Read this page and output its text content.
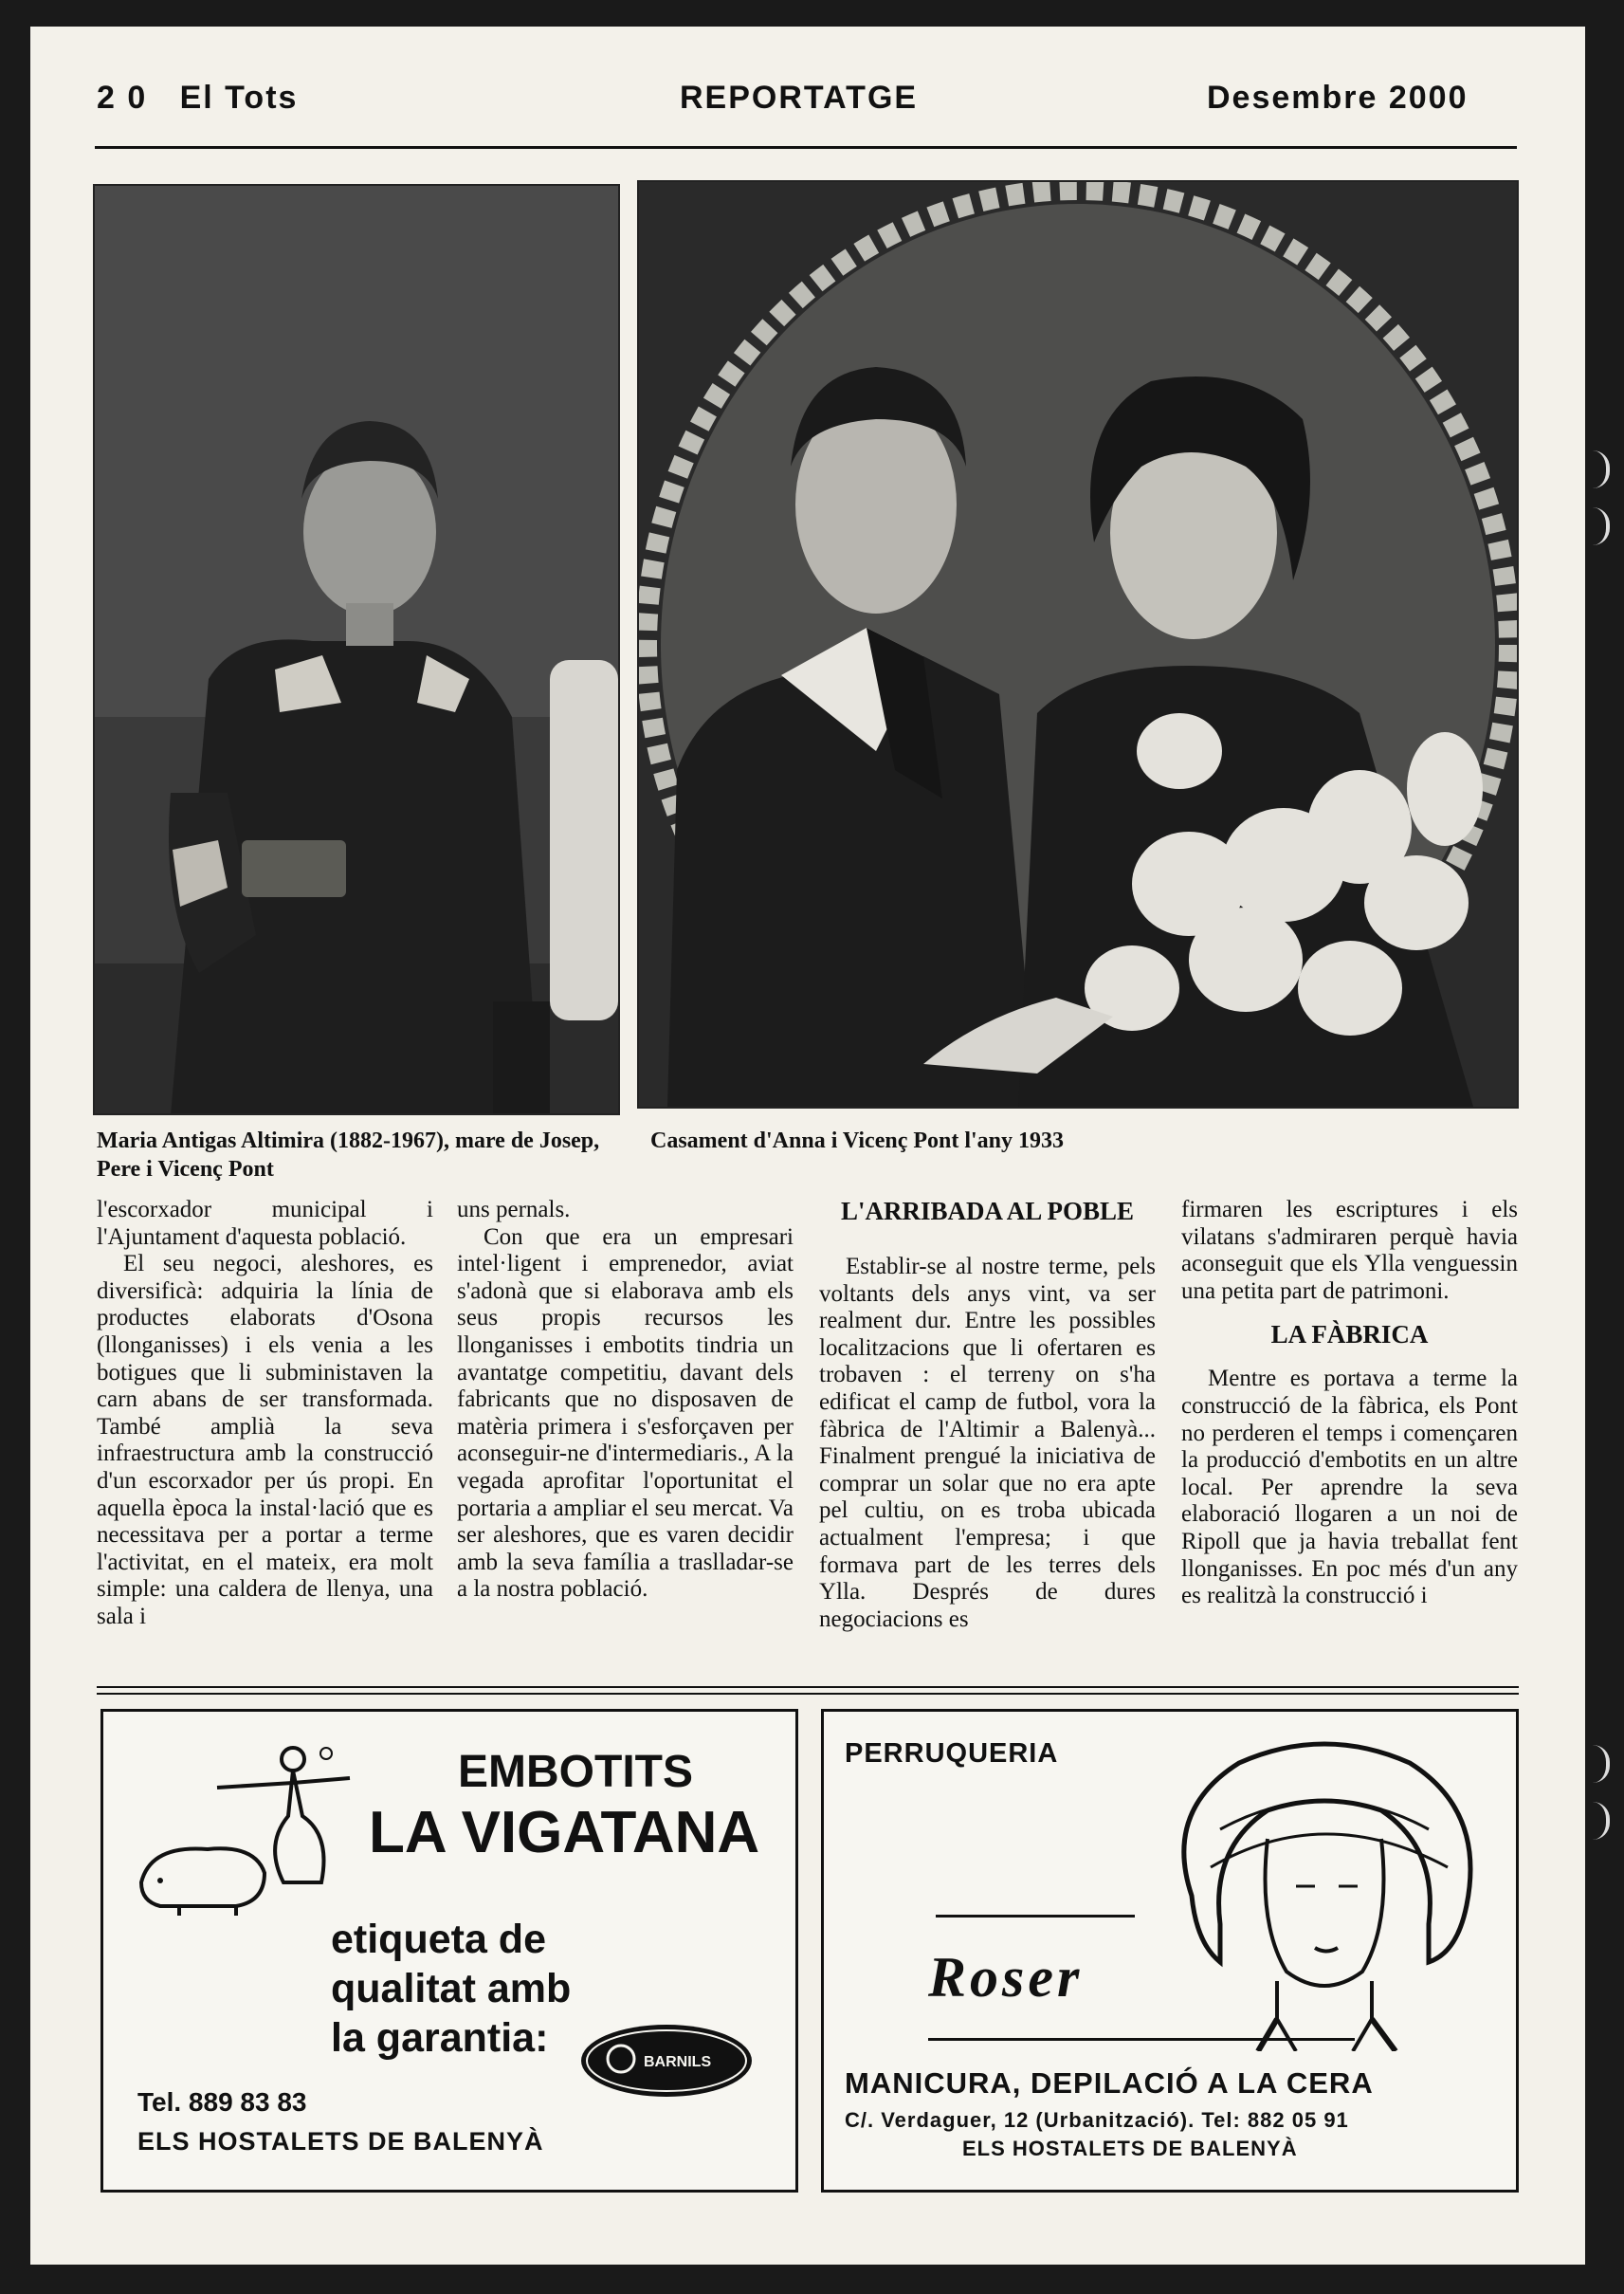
2 0 El Tots	REPORTATGE	Desembre 2000
Maria Antigas Altimira (1882-1967), mare de Josep, Pere i Vicenç Pont
Casament d'Anna i Vicenç Pont l'any 1933

l'escorxador municipal i l'Ajuntament d'aquesta població.

El seu negoci, aleshores, es diversificà: adquiria la línia de productes elaborats d'Osona (llonganisses) i els venia a les botigues que li subministaven la carn abans de ser transformada. També amplià la seva infraestructura amb la construcció d'un escorxador per ús propi. En aquella època la instal·lació que es necessitava per a portar a terme l'activitat, en el mateix, era molt simple: una caldera de llenya, una sala i

uns pernals.

Con que era un empresari intel·ligent i emprenedor, aviat s'adonà que si elaborava amb els seus propis recursos les llonganisses i embotits tindria un avantatge competitiu, davant dels fabricants que no disposaven de matèria primera i s'esforçaven per aconseguir-ne d'intermediaris., A la vegada aprofitar l'oportunitat el portaria a ampliar el seu mercat. Va ser aleshores, que es varen decidir amb la seva família a traslladar-se a la nostra població.

L'ARRIBADA AL POBLE

Establir-se al nostre terme, pels voltants dels anys vint, va ser realment dur. Entre les possibles localitzacions que li ofertaren es trobaven : el terreny on s'ha edificat el camp de futbol, vora la fàbrica de l'Altimir a Balenyà... Finalment prengué la iniciativa de comprar un solar que no era apte pel cultiu, on es troba ubicada actualment l'empresa; i que formava part de les terres dels Ylla. Després de dures negociacions es

firmaren les escriptures i els vilatans s'admiraren perquè havia aconseguit que els Ylla venguessin una petita part de patrimoni.

LA FÀBRICA

Mentre es portava a terme la construcció de la fàbrica, els Pont no perderen el temps i començaren la producció d'embotits en un altre local. Per aprendre la seva elaboració llogaren a un noi de Ripoll que ja havia treballat fent llonganisses. En poc més d'un any es realitzà la construcció i

EMBOTITS
LA VIGATANA
etiqueta de
qualitat amb
la garantia:
BARNILS
Tel. 889 83 83
ELS HOSTALETS DE BALENYÀ
PERRUQUERIA
Roser
MANICURA, DEPILACIÓ A LA CERA
C/. Verdaguer, 12 (Urbanització). Tel: 882 05 91
ELS HOSTALETS DE BALENYÀ
